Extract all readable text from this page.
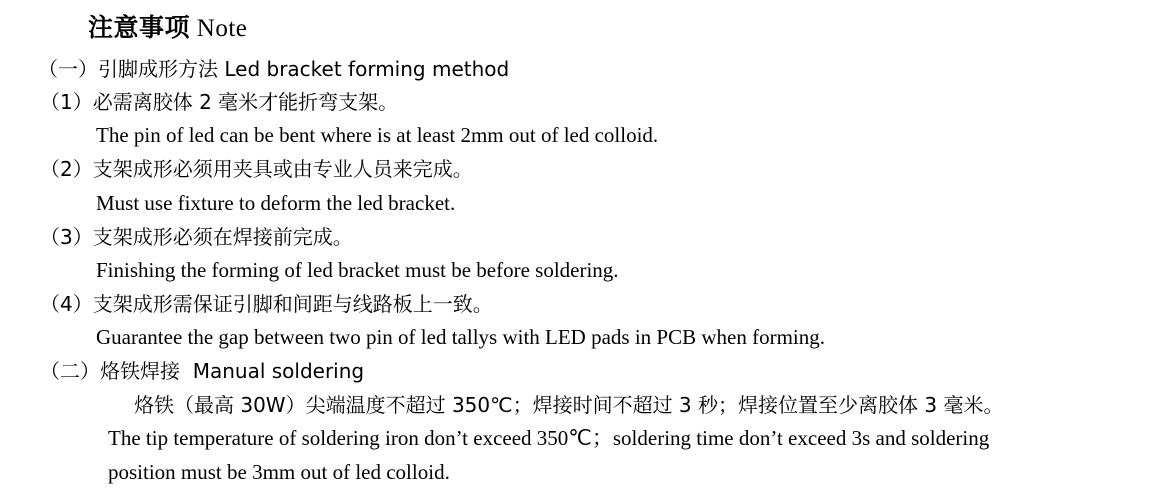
注意事项 Note
（一）引脚成形方法 Led bracket forming method
（1）必需离胶体 2 毫米才能折弯支架。
The pin of led can be bent where is at least 2mm out of led colloid.
（2）支架成形必须用夹具或由专业人员来完成。
Must use fixture to deform the led bracket.
（3）支架成形必须在焊接前完成。
Finishing the forming of led bracket must be before soldering.
（4）支架成形需保证引脚和间距与线路板上一致。
Guarantee the gap between two pin of led tallys with LED pads in PCB when forming.
（二）烙铁焊接  Manual soldering
烙铁（最高 30W）尖端温度不超过 350℃；焊接时间不超过 3 秒；焊接位置至少离胶体 3 毫米。
The tip temperature of soldering iron don’t exceed 350℃；soldering time don’t exceed 3s and soldering
position must be 3mm out of led colloid.
